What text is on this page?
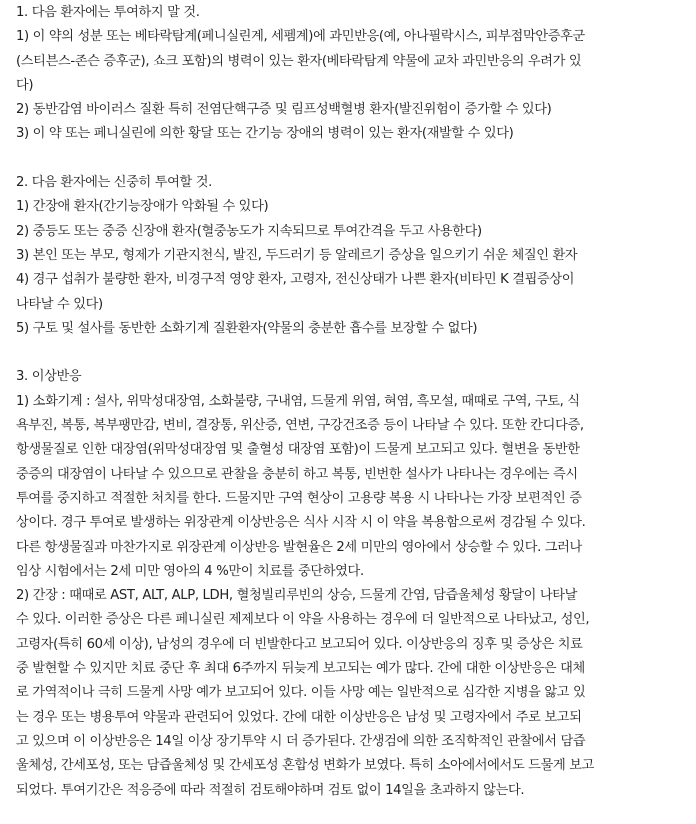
1. 다음 환자에는 투여하지 말 것.
1) 이 약의 성분 또는 베타락탐계(페니실린계, 세펨계)에 과민반응(예, 아나필락시스, 피부점막안증후군
(스티븐스-존슨 증후군), 쇼크 포함)의 병력이 있는 환자(베타락탐계 약물에 교차 과민반응의 우려가 있
다)
2) 동반감염 바이러스 질환 특히 전염단핵구증 및 림프성백혈병 환자(발진위험이 증가할 수 있다)
3) 이 약 또는 페니실린에 의한 황달 또는 간기능 장애의 병력이 있는 환자(재발할 수 있다)
2. 다음 환자에는 신중히 투여할 것.
1) 간장애 환자(간기능장애가 악화될 수 있다)
2) 중등도 또는 중증 신장애 환자(혈중농도가 지속되므로 투여간격을 두고 사용한다)
3) 본인 또는 부모, 형제가 기관지천식, 발진, 두드러기 등 알레르기 증상을 일으키기 쉬운 체질인 환자
4) 경구 섭취가 불량한 환자, 비경구적 영양 환자, 고령자, 전신상태가 나쁜 환자(비타민 K 결핍증상이
나타날 수 있다)
5) 구토 및 설사를 동반한 소화기계 질환환자(약물의 충분한 흡수를 보장할 수 없다)
3. 이상반응
1) 소화기계 : 설사, 위막성대장염, 소화불량, 구내염, 드물게 위염, 혀염, 흑모설, 때때로 구역, 구토, 식
욕부진, 복통, 복부팽만감, 변비, 결장통, 위산증, 연변, 구강건조증 등이 나타날 수 있다. 또한 칸디다증,
항생물질로 인한 대장염(위막성대장염 및 출혈성 대장염 포함)이 드물게 보고되고 있다. 혈변을 동반한
중증의 대장염이 나타날 수 있으므로 관찰을 충분히 하고 복통, 빈번한 설사가 나타나는 경우에는 즉시
투여를 중지하고 적절한 처치를 한다. 드물지만 구역 현상이 고용량 복용 시 나타나는 가장 보편적인 증
상이다. 경구 투여로 발생하는 위장관계 이상반응은 식사 시작 시 이 약을 복용함으로써 경감될 수 있다.
다른 항생물질과 마찬가지로 위장관계 이상반응 발현율은 2세 미만의 영아에서 상승할 수 있다. 그러나
임상 시험에서는 2세 미만 영아의 4 %만이 치료를 중단하였다.
2) 간장 : 때때로 AST, ALT, ALP, LDH, 혈청빌리루빈의 상승, 드물게 간염, 담즙울체성 황달이 나타날
수 있다. 이러한 증상은 다른 페니실린 제제보다 이 약을 사용하는 경우에 더 일반적으로 나타났고, 성인,
고령자(특히 60세 이상), 남성의 경우에 더 빈발한다고 보고되어 있다. 이상반응의 징후 및 증상은 치료
중 발현할 수 있지만 치료 중단 후 최대 6주까지 뒤늦게 보고되는 예가 많다. 간에 대한 이상반응은 대체
로 가역적이나 극히 드물게 사망 예가 보고되어 있다. 이들 사망 예는 일반적으로 심각한 지병을 앓고 있
는 경우 또는 병용투여 약물과 관련되어 있었다. 간에 대한 이상반응은 남성 및 고령자에서 주로 보고되
고 있으며 이 이상반응은 14일 이상 장기투약 시 더 증가된다. 간생검에 의한 조직학적인 관찰에서 담즙
울체성, 간세포성, 또는 담즙울체성 및 간세포성 혼합성 변화가 보였다. 특히 소아에서에서도 드물게 보고
되었다. 투여기간은 적응증에 따라 적절히 검토해야하며 검토 없이 14일을 초과하지 않는다.
